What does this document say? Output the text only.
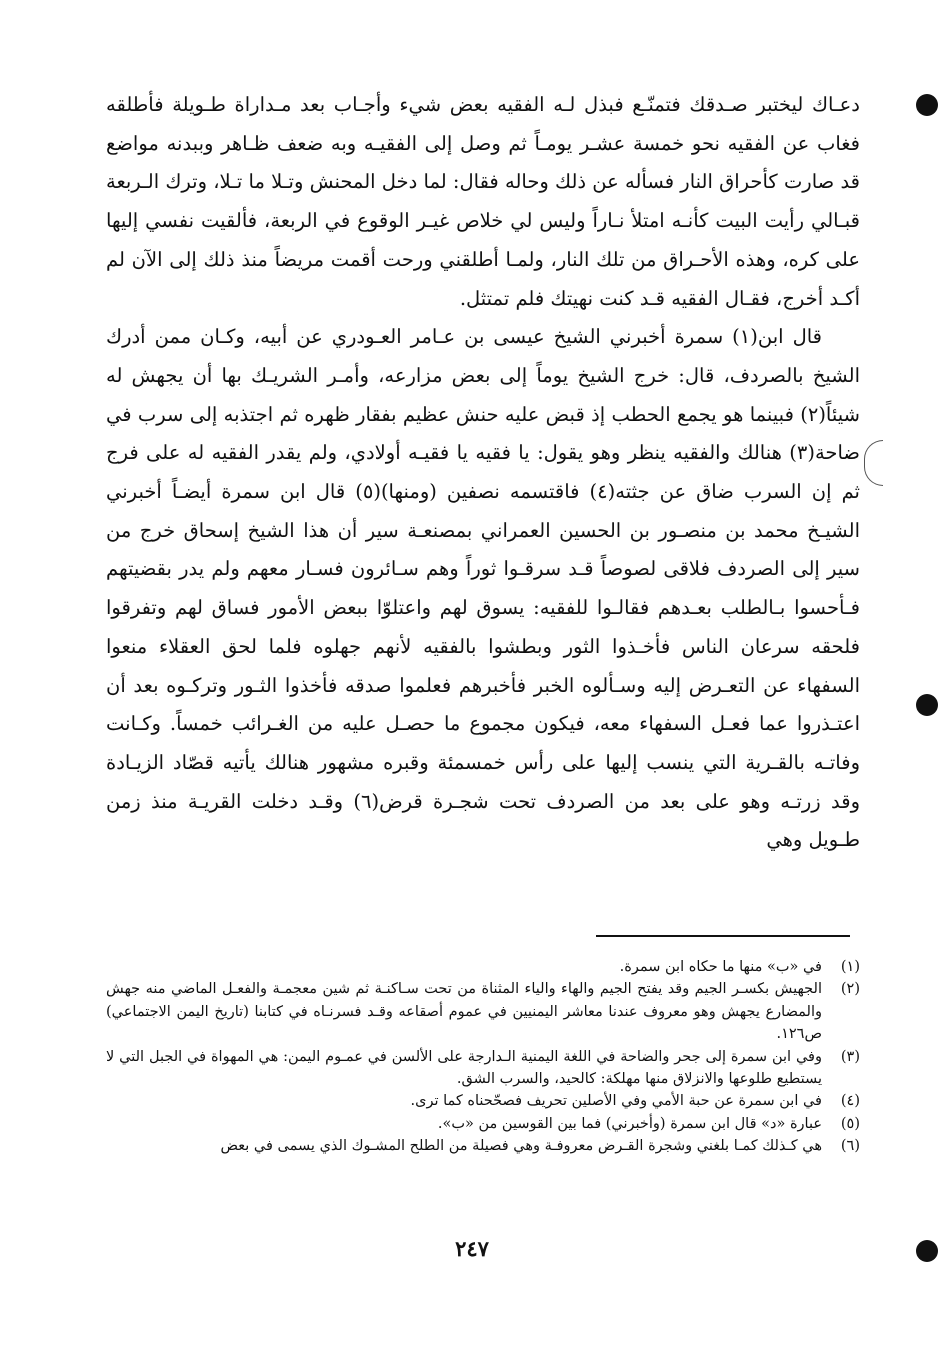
دعـاك ليختبر صـدقك فتمنّـع فبذل لـه الفقيه بعض شيء وأجـاب بعد مـداراة طـويلة فأطلقه فغاب عن الفقيه نحو خمسة عشـر يومـاً ثم وصل إلى الفقيـه وبه ضعف ظـاهر وببدنه مواضع قد صارت كأحراق النار فسأله عن ذلك وحاله فقال: لما دخل المحنش وتـلا ما تـلا، وترك الـربعة قبـالي رأيت البيت كأنـه امتلأ نـاراً وليس لي خلاص غيـر الوقوع في الربعة، فألقيت نفسي إليها على كره، وهذه الأحـراق من تلك النار، ولمـا أطلقني ورحت أقمت مريضاً منذ ذلك إلى الآن لم أكـد أخرج، فقـال الفقيه قـد كنت نهيتك فلم تمتثل.

قال ابن(١) سمرة أخبرني الشيخ عيسى بن عـامر العـودري عن أبيه، وكـان ممن أدرك الشيخ بالصردف، قال: خرج الشيخ يوماً إلى بعض مزارعه، وأمـر الشريـك بها أن يجهش له شيئاً(٢) فبينما هو يجمع الحطب إذ قبض عليه حنش عظيم بفقار ظهره ثم اجتذبه إلى سرب في ضاحة(٣) هنالك والفقيه ينظر وهو يقول: يا فقيه يا فقيـه أولادي، ولم يقدر الفقيه له على فرج ثم إن السرب ضاق عن جثته(٤) فاقتسمه نصفين (ومنها)(٥) قال ابن سمرة أيضـاً أخبرني الشيـخ محمد بن منصـور بن الحسين العمراني بمصنعـة سير أن هذا الشيخ إسحاق خرج من سير إلى الصردف فلاقى لصوصاً قـد سرقـوا ثوراً وهم سـائرون فسـار معهم ولم يدر بقضيتهم فـأحسوا بـالطلب بعـدهم فقالـوا للفقيه: يسوق لهم واعتلوّا ببعض الأمور فساق لهم وتفرقوا فلحقه سرعان الناس فأخـذوا الثور وبطشوا بالفقيه لأنهم جهلوه فلما لحق العقلاء منعوا السفهاء عن التعـرض إليه وسـألوه الخبر فأخبرهم فعلموا صدقه فأخذوا الثـور وتركـوه بعد أن اعتـذروا عما فعـل السفهاء معه، فيكون مجموع ما حصـل عليه من الغـرائب خمساً. وكـانت وفاتـه بالقـرية التي ينسب إليها على رأس خمسمئة وقبره مشهور هنالك يأتيه قصّاد الزيـادة وقد زرتـه وهو على بعد من الصردف تحت شجـرة قرض(٦) وقـد دخلت القريـة منذ زمن طـويل وهي

(١)
في «ب» منها ما حكاه ابن سمرة.
(٢)
الجهيش بكسـر الجيم وقد يفتح الجيم والهاء والياء المثناة من تحت سـاكنـة ثم شين معجمـة والفعـل الماضي منه جهش والمضارع يجهش وهو معروف عندنا معاشر اليمنيين في عموم أصقاعه وقـد فسرنـاه في كتابنا (تاريخ اليمن الاجتماعي) ص١٢٦.
(٣)
وفي ابن سمرة إلى جحر والضاحة في اللغة اليمنية الـدارجة على الألسن في عمـوم اليمن: هي المهواة في الجبل التي لا يستطيع طلوعها والانزلاق منها مهلكة: كالحيد، والسرب الشق.
(٤)
في ابن سمرة عن حبة الأمي وفي الأصلين تحريف فصحّحناه كما ترى.
(٥)
عبارة «د» قال ابن سمرة (وأخبرني) فما بين القوسين من «ب».
(٦)
هي كـذلك كمـا بلغني وشجرة القـرض معروفـة وهي فصيلة من الطلح المشـوك الذي يسمى في بعض
٢٤٧
